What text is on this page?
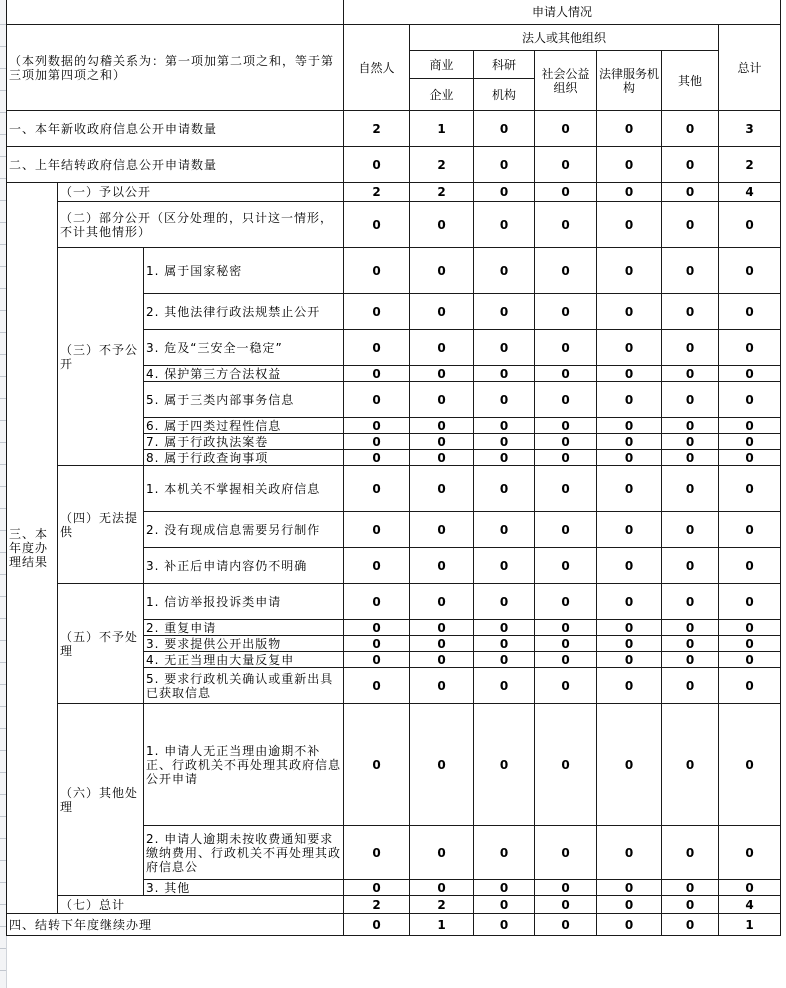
			申请人情况						
（本列数据的勾稽关系为：第一项加第二项之和，等于第三项加第四项之和）			自然人	法人或其他组织					总计
				商业	科研	社会公益组织	法律服务机构	其他	
				企业	机构				
一、本年新收政府信息公开申请数量			2	1	0	0	0	0	3
二、上年结转政府信息公开申请数量			0	2	0	0	0	0	2
三、本年度办理结果	（一）予以公开		2	2	0	0	0	0	4
	（二）部分公开（区分处理的，只计这一情形，不计其他情形）		0	0	0	0	0	0	0
	（三）不予公开	1. 属于国家秘密	0	0	0	0	0	0	0
		2. 其他法律行政法规禁止公开	0	0	0	0	0	0	0
		3. 危及“三安全一稳定”	0	0	0	0	0	0	0
		4. 保护第三方合法权益	0	0	0	0	0	0	0
		5. 属于三类内部事务信息	0	0	0	0	0	0	0
		6. 属于四类过程性信息	0	0	0	0	0	0	0
		7. 属于行政执法案卷	0	0	0	0	0	0	0
		8. 属于行政查询事项	0	0	0	0	0	0	0
	（四）无法提供	1. 本机关不掌握相关政府信息	0	0	0	0	0	0	0
		2. 没有现成信息需要另行制作	0	0	0	0	0	0	0
		3. 补正后申请内容仍不明确	0	0	0	0	0	0	0
	（五）不予处理	1. 信访举报投诉类申请	0	0	0	0	0	0	0
		2. 重复申请	0	0	0	0	0	0	0
		3. 要求提供公开出版物	0	0	0	0	0	0	0
		4. 无正当理由大量反复申	0	0	0	0	0	0	0
		5. 要求行政机关确认或重新出具已获取信息	0	0	0	0	0	0	0
	（六）其他处理	1. 申请人无正当理由逾期不补正、行政机关不再处理其政府信息公开申请	0	0	0	0	0	0	0
		2. 申请人逾期未按收费通知要求缴纳费用、行政机关不再处理其政府信息公	0	0	0	0	0	0	0
		3. 其他	0	0	0	0	0	0	0
	（七）总计		2	2	0	0	0	0	4
四、结转下年度继续办理			0	1	0	0	0	0	1
